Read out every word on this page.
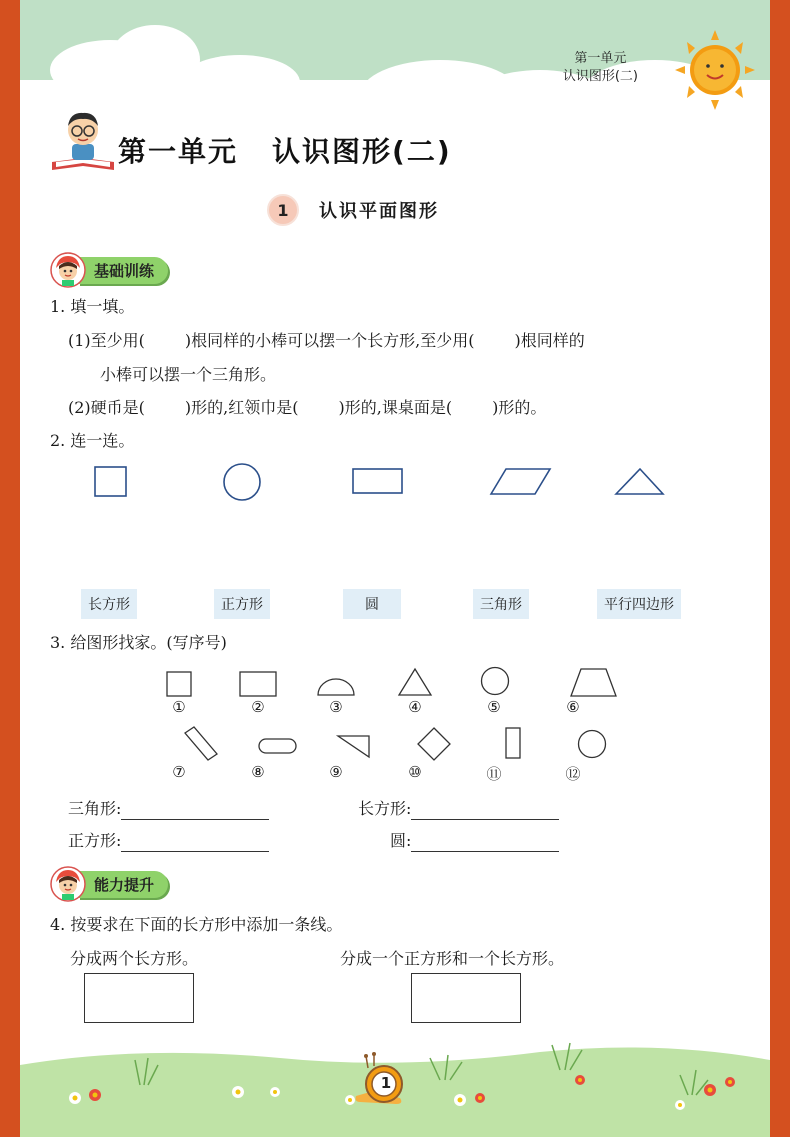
第一单元
认识图形(二)
第一单元 认识图形(二)
1	认识平面图形
基础训练
1. 填一填。
(1)至少用(	)根同样的小棒可以摆一个长方形,至少用(	)根同样的
小棒可以摆一个三角形。
(2)硬币是(	)形的,红领巾是(	)形的,课桌面是(	)形的。
2. 连一连。
长方形	正方形	圆	三角形	平行四边形
3. 给图形找家。(写序号)
①	②	③	④	⑤	⑥
⑦	⑧	⑨	⑩	⑪	⑫
三角形:	长方形:
正方形:	圆:
能力提升
4. 按要求在下面的长方形中添加一条线。
分成两个长方形。	分成一个正方形和一个长方形。
1
